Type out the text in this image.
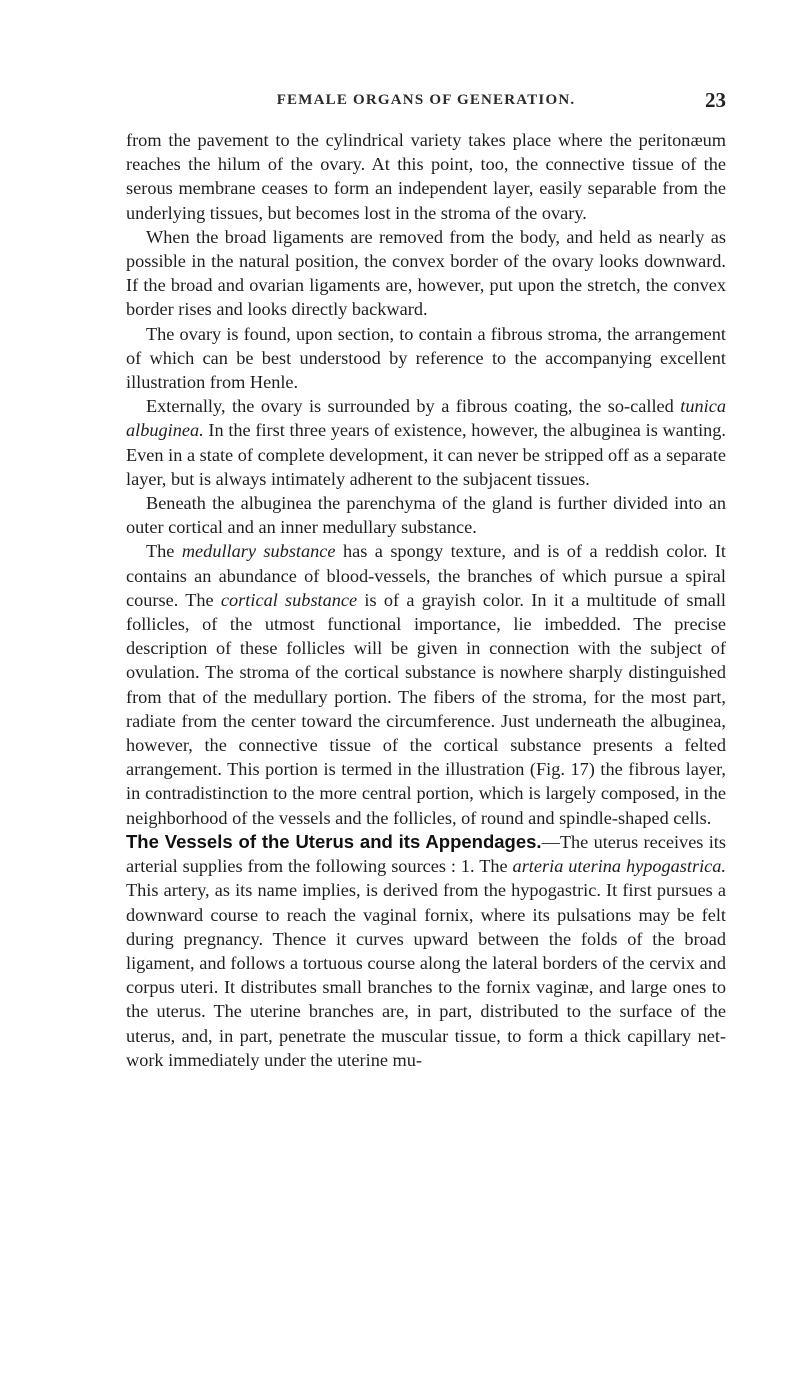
FEMALE ORGANS OF GENERATION.	23

from the pavement to the cylindrical variety takes place where the peritonæum reaches the hilum of the ovary. At this point, too, the connective tissue of the serous membrane ceases to form an independent layer, easily separable from the underlying tissues, but becomes lost in the stroma of the ovary.

When the broad ligaments are removed from the body, and held as nearly as possible in the natural position, the convex border of the ovary looks downward. If the broad and ovarian ligaments are, however, put upon the stretch, the convex border rises and looks directly backward.

The ovary is found, upon section, to contain a fibrous stroma, the arrangement of which can be best understood by reference to the accompanying excellent illustration from Henle.

Externally, the ovary is surrounded by a fibrous coating, the so-called tunica albuginea. In the first three years of existence, however, the albuginea is wanting. Even in a state of complete development, it can never be stripped off as a separate layer, but is always intimately adherent to the subjacent tissues.

Beneath the albuginea the parenchyma of the gland is further divided into an outer cortical and an inner medullary substance.

The medullary substance has a spongy texture, and is of a reddish color. It contains an abundance of blood-vessels, the branches of which pursue a spiral course. The cortical substance is of a grayish color. In it a multitude of small follicles, of the utmost functional importance, lie imbedded. The precise description of these follicles will be given in connection with the subject of ovulation. The stroma of the cortical substance is nowhere sharply distinguished from that of the medullary portion. The fibers of the stroma, for the most part, radiate from the center toward the circumference. Just underneath the albuginea, however, the connective tissue of the cortical substance presents a felted arrangement. This portion is termed in the illustration (Fig. 17) the fibrous layer, in contradistinction to the more central portion, which is largely composed, in the neighborhood of the vessels and the follicles, of round and spindle-shaped cells.

The Vessels of the Uterus and its Appendages.—The uterus receives its arterial supplies from the following sources : 1. The arteria uterina hypogastrica. This artery, as its name implies, is derived from the hypogastric. It first pursues a downward course to reach the vaginal fornix, where its pulsations may be felt during pregnancy. Thence it curves upward between the folds of the broad ligament, and follows a tortuous course along the lateral borders of the cervix and corpus uteri. It distributes small branches to the fornix vaginæ, and large ones to the uterus. The uterine branches are, in part, distributed to the surface of the uterus, and, in part, penetrate the muscular tissue, to form a thick capillary net-work immediately under the uterine mu-
